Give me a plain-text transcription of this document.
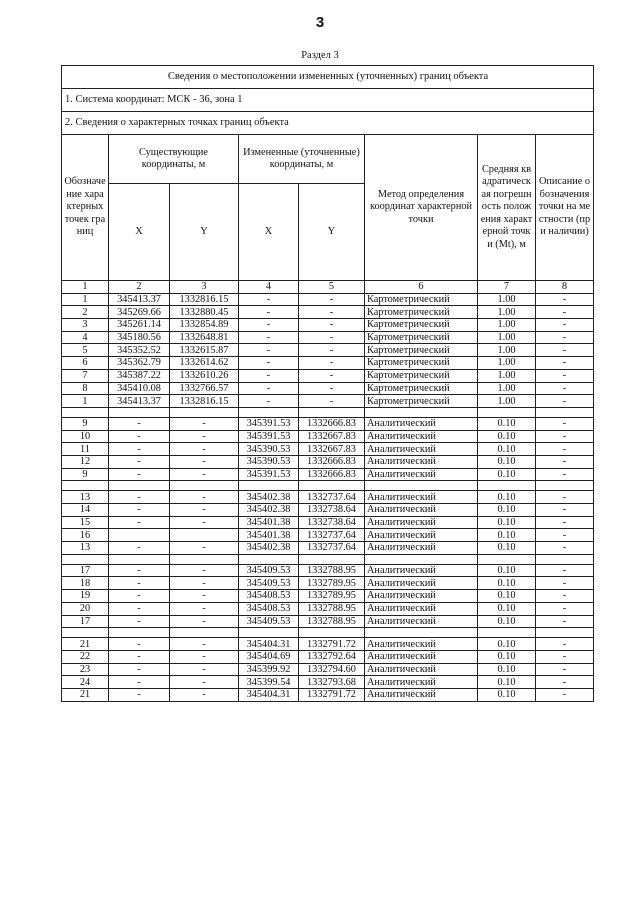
3
Раздел 3
Сведения о местоположении измененных (уточненных) границ объекта							
1. Система координат: МСК - 36, зона 1							
2. Сведения о характерных точках границ объекта							
Обозначение характерных точек границ	Существующие координаты, м		Измененные (уточненные) координаты, м		Метод определения координат характерной точки	Средняя квадратическая погрешность положения характерной точки (Mt), м	Описание обозначения точки на местности (при наличии)
	X	Y	X	Y			
1	2	3	4	5	6	7	8
1	345413.37	1332816.15	-	-	Картометрический	1.00	-
2	345269.66	1332880.45	-	-	Картометрический	1.00	-
3	345261.14	1332854.89	-	-	Картометрический	1.00	-
4	345180.56	1332648.81	-	-	Картометрический	1.00	-
5	345352.52	1332615.87	-	-	Картометрический	1.00	-
6	345362.79	1332614.62	-	-	Картометрический	1.00	-
7	345387.22	1332610.26	-	-	Картометрический	1.00	-
8	345410.08	1332766.57	-	-	Картометрический	1.00	-
1	345413.37	1332816.15	-	-	Картометрический	1.00	-

9	-	-	345391.53	1332666.83	Аналитический	0.10	-
10	-	-	345391.53	1332667.83	Аналитический	0.10	-
11	-	-	345390.53	1332667.83	Аналитический	0.10	-
12	-	-	345390.53	1332666.83	Аналитический	0.10	-
9	-	-	345391.53	1332666.83	Аналитический	0.10	-

13	-	-	345402.38	1332737.64	Аналитический	0.10	-
14	-	-	345402.38	1332738.64	Аналитический	0.10	-
15	-	-	345401.38	1332738.64	Аналитический	0.10	-
16			345401.38	1332737.64	Аналитический	0.10	-
13	-	-	345402.38	1332737.64	Аналитический	0.10	-

17	-	-	345409.53	1332788.95	Аналитический	0.10	-
18	-	-	345409.53	1332789.95	Аналитический	0.10	-
19	-	-	345408.53	1332789.95	Аналитический	0.10	-
20	-	-	345408.53	1332788.95	Аналитический	0.10	-
17	-	-	345409.53	1332788.95	Аналитический	0.10	-

21	-	-	345404.31	1332791.72	Аналитический	0.10	-
22	-	-	345404.69	1332792.64	Аналитический	0.10	-
23	-	-	345399.92	1332794.60	Аналитический	0.10	-
24	-	-	345399.54	1332793.68	Аналитический	0.10	-
21	-	-	345404.31	1332791.72	Аналитический	0.10	-
